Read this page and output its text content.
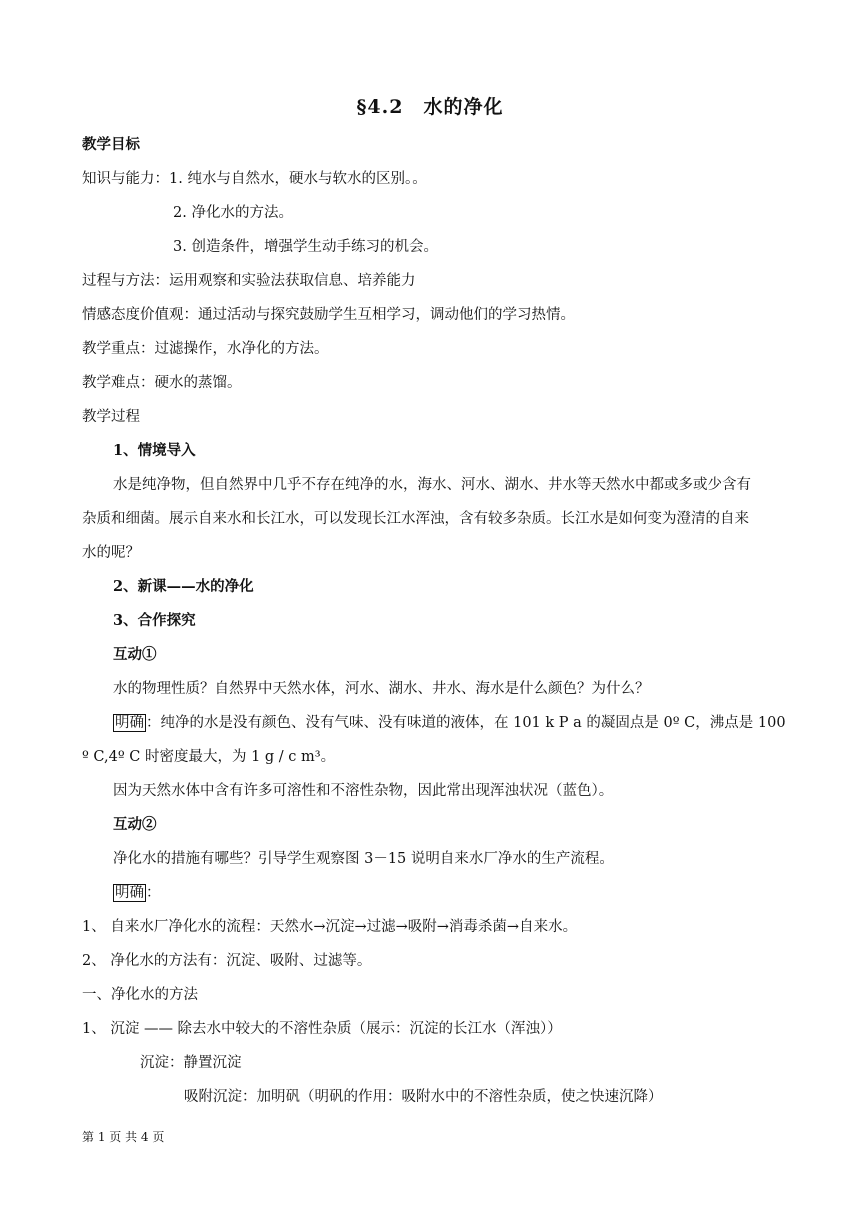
§4.2　水的净化
教学目标
知识与能力：1. 纯水与自然水，硬水与软水的区别。。
2. 净化水的方法。
3. 创造条件，增强学生动手练习的机会。
过程与方法：运用观察和实验法获取信息、培养能力
情感态度价值观：通过活动与探究鼓励学生互相学习，调动他们的学习热情。
教学重点：过滤操作，水净化的方法。
教学难点：硬水的蒸馏。
教学过程
1、情境导入
水是纯净物，但自然界中几乎不存在纯净的水，海水、河水、湖水、井水等天然水中都或多或少含有
杂质和细菌。展示自来水和长江水，可以发现长江水浑浊，含有较多杂质。长江水是如何变为澄清的自来
水的呢？
2、新课——水的净化
3、合作探究
互动①
水的物理性质？自然界中天然水体，河水、湖水、井水、海水是什么颜色？为什么？
明确 ：纯净的水是没有颜色、没有气味、没有味道的液体，在 101 k P a 的凝固点是 0º C，沸点是 100
º C,4º C 时密度最大，为 1 g / c m³。
因为天然水体中含有许多可溶性和不溶性杂物，因此常出现浑浊状况（蓝色）。
互动②
净化水的措施有哪些？引导学生观察图 3－15 说明自来水厂净水的生产流程。
明确 ：
1、 自来水厂净化水的流程：天然水→沉淀→过滤→吸附→消毒杀菌→自来水。
2、 净化水的方法有：沉淀、吸附、过滤等。
一、净化水的方法
1、 沉淀 —— 除去水中较大的不溶性杂质（展示：沉淀的长江水（浑浊））
沉淀：静置沉淀
吸附沉淀：加明矾（明矾的作用：吸附水中的不溶性杂质，使之快速沉降）
第 1 页 共 4 页
